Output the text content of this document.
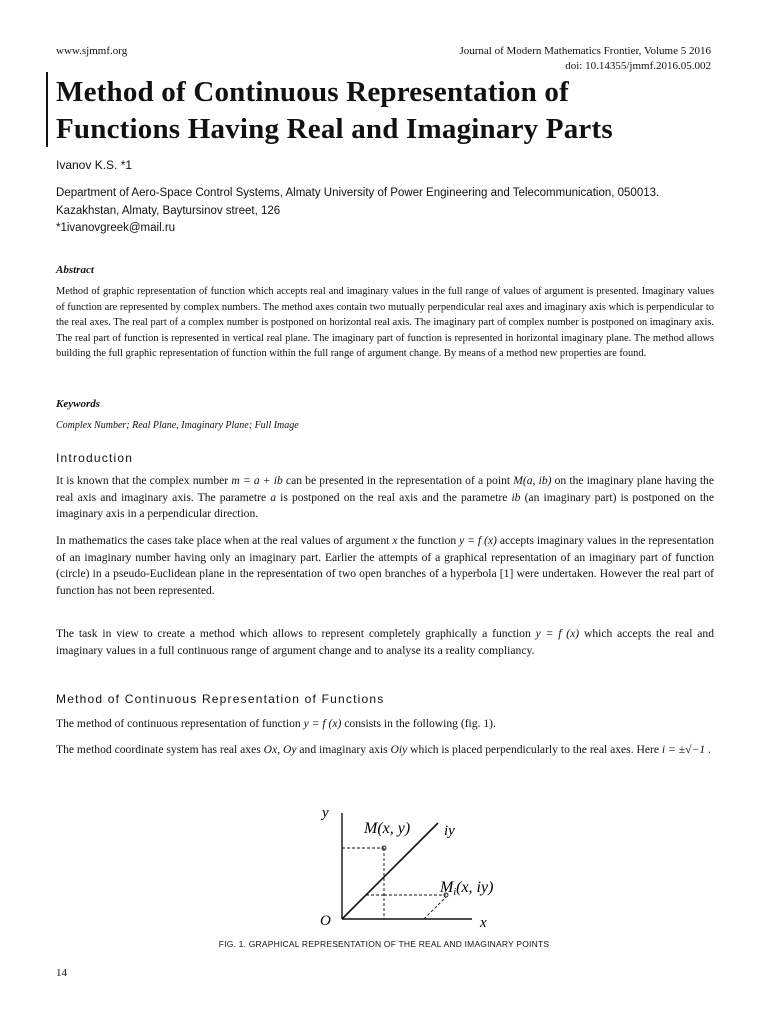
www.sjmmf.org	Journal of Modern Mathematics Frontier, Volume 5 2016
doi: 10.14355/jmmf.2016.05.002
Method of Continuous Representation of
Functions Having Real and Imaginary Parts
Ivanov K.S. *1
Department of Aero-Space Control Systems, Almaty University of Power Engineering and Telecommunication, 050013. Kazakhstan, Almaty, Baytursinov street, 126
*1ivanovgreek@mail.ru
Abstract
Method of graphic representation of function which accepts real and imaginary values in the full range of values of argument is presented. Imaginary values of function are represented by complex numbers. The method axes contain two mutually perpendicular real axes and imaginary axis which is perpendicular to the real axes. The real part of a complex number is postponed on horizontal real axis. The imaginary part of complex number is postponed on imaginary axis. The real part of function is represented in vertical real plane. The imaginary part of function is represented in horizontal imaginary plane. The method allows building the full graphic representation of function within the full range of argument change. By means of a method new properties are found.
Keywords
Complex Number; Real Plane, Imaginary Plane; Full Image
Introduction
It is known that the complex number m = a + ib can be presented in the representation of a point M(a, ib) on the imaginary plane having the real axis and imaginary axis. The parametre a is postponed on the real axis and the parametre ib (an imaginary part) is postponed on the imaginary axis in a perpendicular direction.
In mathematics the cases take place when at the real values of argument x the function y = f (x) accepts imaginary values in the representation of an imaginary number having only an imaginary part. Earlier the attempts of a graphical representation of an imaginary part of function (circle) in a pseudo-Euclidean plane in the representation of two open branches of a hyperbola [1] were undertaken. However the real part of function has not been represented.
The task in view to create a method which allows to represent completely graphically a function y = f (x) which accepts the real and imaginary values in a full continuous range of argument change and to analyse its a reality compliancy.
Method of Continuous Representation of Functions
The method of continuous representation of function y = f (x) consists in the following (fig. 1).
The method coordinate system has real axes Ox, Oy and imaginary axis Oiy which is placed perpendicularly to the real axes. Here i = ±√−1 .
y
iy
x
O
M(x, y)
Mi(x, iy)
FIG. 1. GRAPHICAL REPRESENTATION OF THE REAL AND IMAGINARY POINTS
14
